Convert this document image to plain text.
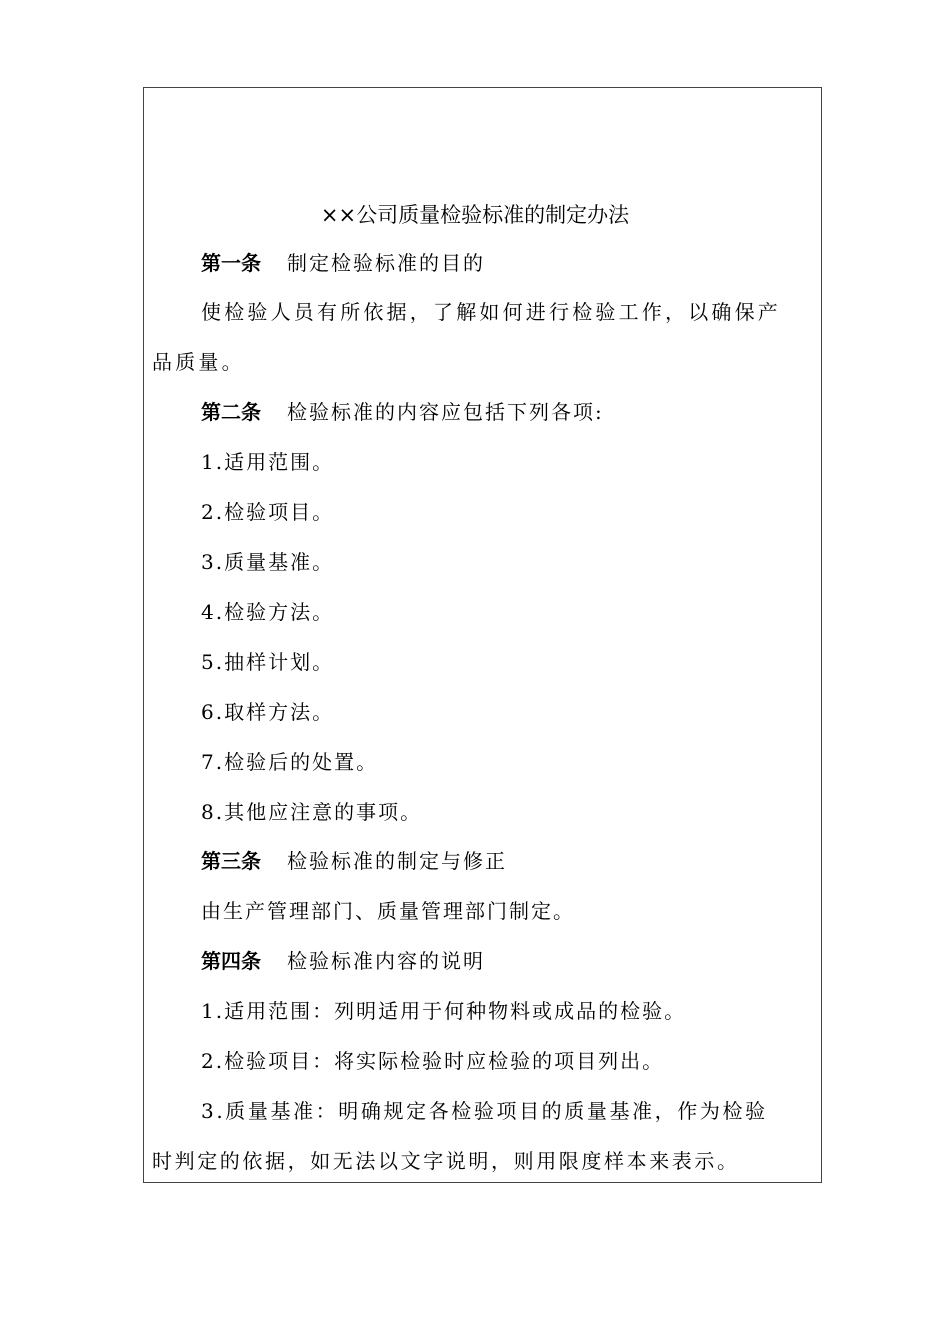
××公司质量检验标准的制定办法
第一条 制定检验标准的目的
使检验人员有所依据，了解如何进行检验工作，以确保产
品质量。
第二条 检验标准的内容应包括下列各项:
1.适用范围。
2.检验项目。
3.质量基准。
4.检验方法。
5.抽样计划。
6.取样方法。
7.检验后的处置。
8.其他应注意的事项。
第三条 检验标准的制定与修正
由生产管理部门、质量管理部门制定。
第四条 检验标准内容的说明
1.适用范围：列明适用于何种物料或成品的检验。
2.检验项目：将实际检验时应检验的项目列出。
3.质量基准：明确规定各检验项目的质量基准，作为检验
时判定的依据，如无法以文字说明，则用限度样本来表示。
